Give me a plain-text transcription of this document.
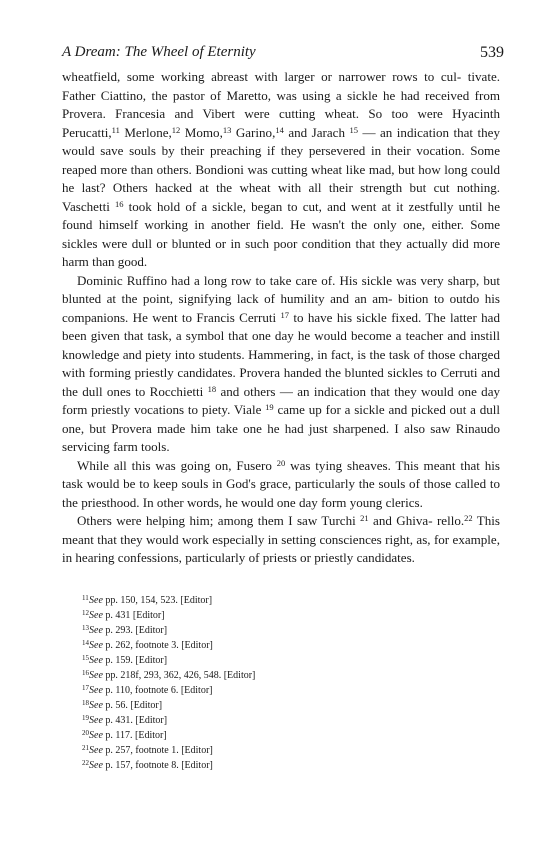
A Dream: The Wheel of Eternity	539

wheatfield, some working abreast with larger or narrower rows to cul- tivate. Father Ciattino, the pastor of Maretto, was using a sickle he had received from Provera. Francesia and Vibert were cutting wheat. So too were Hyacinth Perucatti,$^{11}$ Merlone,$^{12}$ Momo,$^{13}$ Garino,$^{14}$ and Jarach $^{15}$ — an indication that they would save souls by their preaching if they persevered in their vocation. Some reaped more than others. Bondioni was cutting wheat like mad, but how long could he last? Others hacked at the wheat with all their strength but cut nothing. Vaschetti $^{16}$ took hold of a sickle, began to cut, and went at it zestfully until he found himself working in another field. He wasn't the only one, either. Some sickles were dull or blunted or in such poor condition that they actually did more harm than good.

Dominic Ruffino had a long row to take care of. His sickle was very sharp, but blunted at the point, signifying lack of humility and an am- bition to outdo his companions. He went to Francis Cerruti $^{17}$ to have his sickle fixed. The latter had been given that task, a symbol that one day he would become a teacher and instill knowledge and piety into students. Hammering, in fact, is the task of those charged with forming priestly candidates. Provera handed the blunted sickles to Cerruti and the dull ones to Rocchietti $^{18}$ and others — an indication that they would one day form priestly vocations to piety. Viale $^{19}$ came up for a sickle and picked out a dull one, but Provera made him take one he had just sharpened. I also saw Rinaudo servicing farm tools.

While all this was going on, Fusero $^{20}$ was tying sheaves. This meant that his task would be to keep souls in God's grace, particularly the souls of those called to the priesthood. In other words, he would one day form young clerics.

Others were helping him; among them I saw Turchi $^{21}$ and Ghiva- rello.$^{22}$ This meant that they would work especially in setting consciences right, as, for example, in hearing confessions, particularly of priests or priestly candidates.

11See pp. 150, 154, 523. [Editor]
12See p. 431 [Editor]
13See p. 293. [Editor]
14See p. 262, footnote 3. [Editor]
15See p. 159. [Editor]
16See pp. 218f, 293, 362, 426, 548. [Editor]
17See p. 110, footnote 6. [Editor]
18See p. 56. [Editor]
19See p. 431. [Editor]
20See p. 117. [Editor]
21See p. 257, footnote 1. [Editor]
22See p. 157, footnote 8. [Editor]
